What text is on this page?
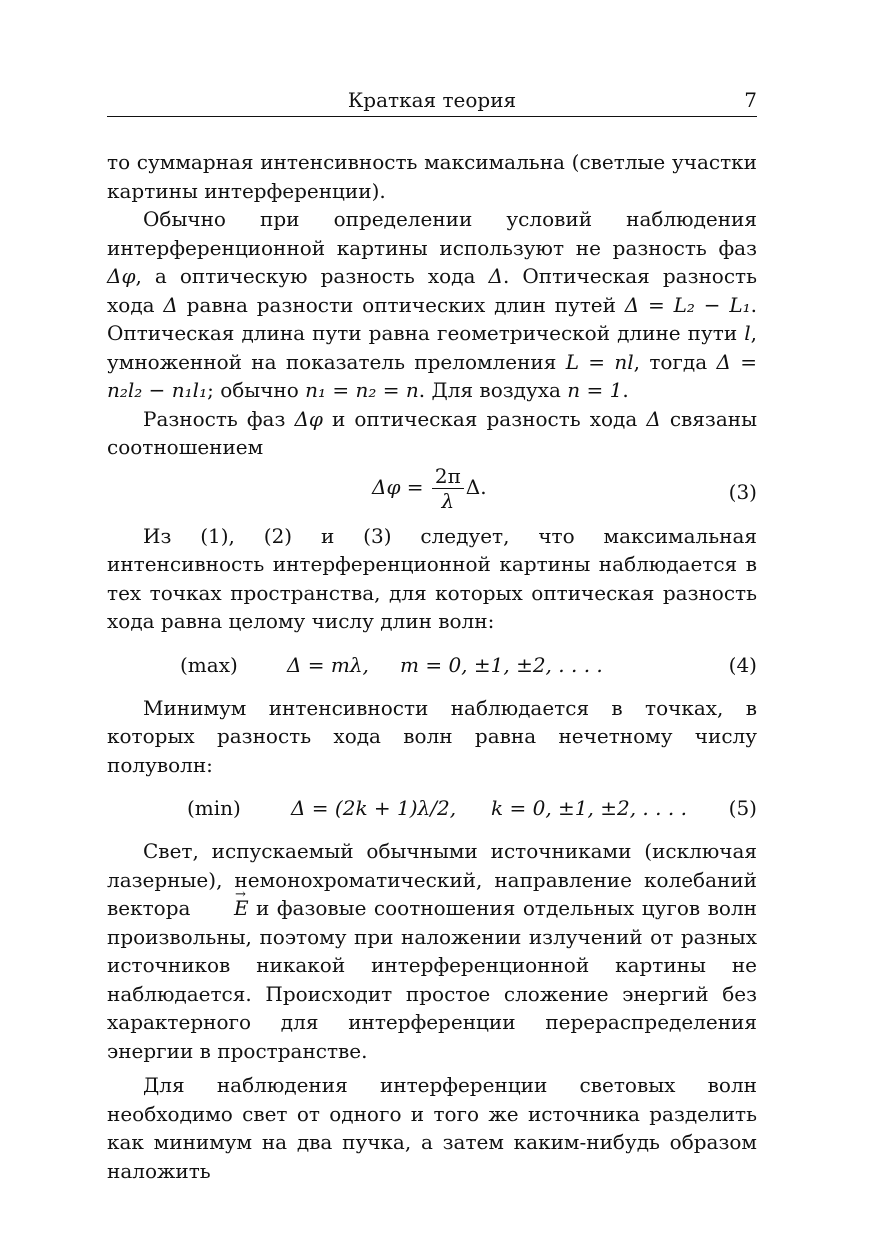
Краткая теория	7

то суммарная интенсивность максимальна (светлые участки картины интерференции).

Обычно при определении условий наблюдения интерференционной картины используют не разность фаз Δφ, а оптическую разность хода Δ. Оптическая разность хода Δ равна разности оптических длин путей Δ = L₂ − L₁. Оптическая длина пути равна геометрической длине пути l, умноженной на показатель преломления L = nl, тогда Δ = n₂l₂ − n₁l₁; обычно n₁ = n₂ = n. Для воздуха n = 1.

Разность фаз Δφ и оптическая разность хода Δ связаны соотношением

$\Delta\varphi = \frac{2\pi}{\lambda} \Delta$.	(3)

Из (1), (2) и (3) следует, что максимальная интенсивность интерференционной картины наблюдается в тех точках пространства, для которых оптическая разность хода равна целому числу длин волн:

(max) Δ = mλ, m = 0, ±1, ±2, . . . .	(4)

Минимум интенсивности наблюдается в точках, в которых разность хода волн равна нечетному числу полуволн:

(min)	Δ = (2k + 1)λ/2, k = 0, ±1, ±2, . . . . (5)

Свет, испускаемый обычными источниками (исключая лазерные), немонохроматический, направление колебаний вектора → E и фазовые соотношения отдельных цугов волн произвольны, поэтому при наложении излучений от разных источников никакой интерференционной картины не наблюдается. Происходит простое сложение энергий без характерного для интерференции перераспределения энергии в пространстве.

Для наблюдения интерференции световых волн необходимо свет от одного и того же источника разделить как минимум на два пучка, а затем каким-нибудь образом наложить
